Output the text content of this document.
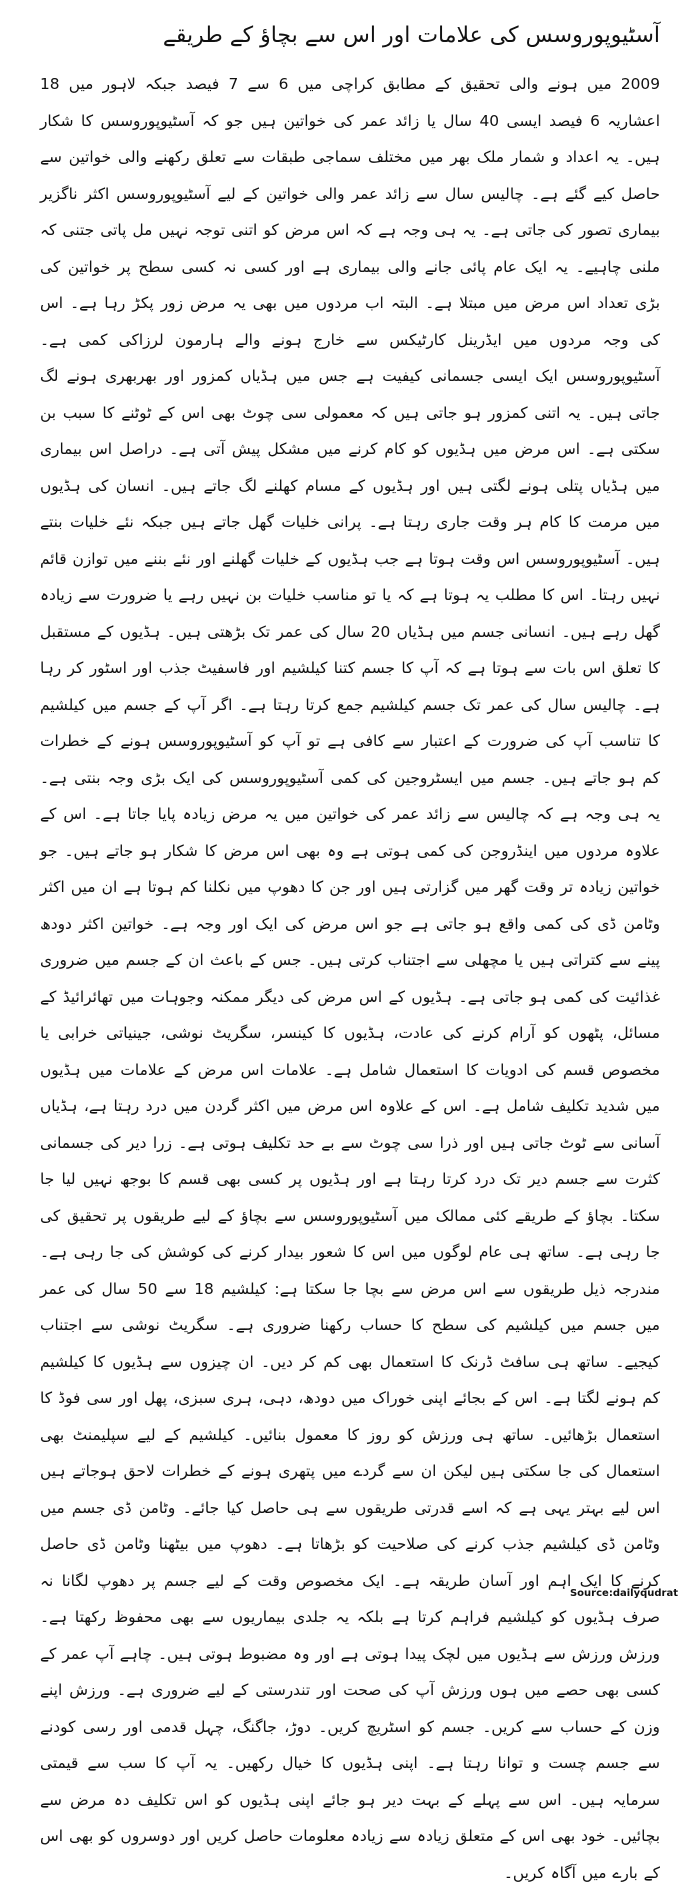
آسٹیوپوروسس کی علامات اور اس سے بچاؤ کے طریقے

2009 میں ہونے والی تحقیق کے مطابق کراچی میں 6 سے 7 فیصد جبکہ لاہور میں 18 اعشاریہ 6 فیصد ایسی 40 سال یا زائد عمر کی خواتین ہیں جو کہ آسٹیوپوروسس کا شکار ہیں۔ یہ اعداد و شمار ملک بھر میں مختلف سماجی طبقات سے تعلق رکھنے والی خواتین سے حاصل کیے گئے ہے۔ چالیس سال سے زائد عمر والی خواتین کے لیے آسٹیوپوروسس اکثر ناگزیر بیماری تصور کی جاتی ہے۔ یہ ہی وجہ ہے کہ اس مرض کو اتنی توجہ نہیں مل پاتی جتنی کہ ملنی چاہیے۔ یہ ایک عام پائی جانے والی بیماری ہے اور کسی نہ کسی سطح پر خواتین کی بڑی تعداد اس مرض میں مبتلا ہے۔ البتہ اب مردوں میں بھی یہ مرض زور پکڑ رہا ہے۔ اس کی وجہ مردوں میں ایڈرینل کارٹیکس سے خارج ہونے والے ہارمون لرزاکی کمی ہے۔ آسٹیوپوروسس ایک ایسی جسمانی کیفیت ہے جس میں ہڈیاں کمزور اور بھربھری ہونے لگ جاتی ہیں۔ یہ اتنی کمزور ہو جاتی ہیں کہ معمولی سی چوٹ بھی اس کے ٹوٹنے کا سبب بن سکتی ہے۔ اس مرض میں ہڈیوں کو کام کرنے میں مشکل پیش آتی ہے۔ دراصل اس بیماری میں ہڈیاں پتلی ہونے لگتی ہیں اور ہڈیوں کے مسام کھلنے لگ جاتے ہیں۔ انسان کی ہڈیوں میں مرمت کا کام ہر وقت جاری رہتا ہے۔ پرانی خلیات گھل جاتے ہیں جبکہ نئے خلیات بنتے ہیں۔ آسٹیوپوروسس اس وقت ہوتا ہے جب ہڈیوں کے خلیات گھلنے اور نئے بننے میں توازن قائم نہیں رہتا۔ اس کا مطلب یہ ہوتا ہے کہ یا تو مناسب خلیات بن نہیں رہے یا ضرورت سے زیادہ گھل رہے ہیں۔ انسانی جسم میں ہڈیاں 20 سال کی عمر تک بڑھتی ہیں۔ ہڈیوں کے مستقبل کا تعلق اس بات سے ہوتا ہے کہ آپ کا جسم کتنا کیلشیم اور فاسفیٹ جذب اور اسٹور کر رہا ہے۔ چالیس سال کی عمر تک جسم کیلشیم جمع کرتا رہتا ہے۔ اگر آپ کے جسم میں کیلشیم کا تناسب آپ کی ضرورت کے اعتبار سے کافی ہے تو آپ کو آسٹیوپوروسس ہونے کے خطرات کم ہو جاتے ہیں۔ جسم میں ایسٹروجین کی کمی آسٹیوپوروسس کی ایک بڑی وجہ بنتی ہے۔ یہ ہی وجہ ہے کہ چالیس سے زائد عمر کی خواتین میں یہ مرض زیادہ پایا جاتا ہے۔ اس کے علاوہ مردوں میں اینڈروجن کی کمی ہوتی ہے وہ بھی اس مرض کا شکار ہو جاتے ہیں۔ جو خواتین زیادہ تر وقت گھر میں گزارتی ہیں اور جن کا دھوپ میں نکلنا کم ہوتا ہے ان میں اکثر وٹامن ڈی کی کمی واقع ہو جاتی ہے جو اس مرض کی ایک اور وجہ ہے۔ خواتین اکثر دودھ پینے سے کتراتی ہیں یا مچھلی سے اجتناب کرتی ہیں۔ جس کے باعث ان کے جسم میں ضروری غذائیت کی کمی ہو جاتی ہے۔ ہڈیوں کے اس مرض کی دیگر ممکنہ وجوہات میں تھائرائیڈ کے مسائل، پٹھوں کو آرام کرنے کی عادت، ہڈیوں کا کینسر، سگریٹ نوشی، جینیاتی خرابی یا مخصوص قسم کی ادویات کا استعمال شامل ہے۔ علامات اس مرض کے علامات میں ہڈیوں میں شدید تکلیف شامل ہے۔ اس کے علاوہ اس مرض میں اکثر گردن میں درد رہتا ہے، ہڈیاں آسانی سے ٹوٹ جاتی ہیں اور ذرا سی چوٹ سے بے حد تکلیف ہوتی ہے۔ زرا دیر کی جسمانی کثرت سے جسم دیر تک درد کرتا رہتا ہے اور ہڈیوں پر کسی بھی قسم کا بوجھ نہیں لیا جا سکتا۔ بچاؤ کے طریقے کئی ممالک میں آسٹیوپوروسس سے بچاؤ کے لیے طریقوں پر تحقیق کی جا رہی ہے۔ ساتھ ہی عام لوگوں میں اس کا شعور بیدار کرنے کی کوشش کی جا رہی ہے۔ مندرجہ ذیل طریقوں سے اس مرض سے بچا جا سکتا ہے: کیلشیم 18 سے 50 سال کی عمر میں جسم میں کیلشیم کی سطح کا حساب رکھنا ضروری ہے۔ سگریٹ نوشی سے اجتناب کیجیے۔ ساتھ ہی سافٹ ڈرنک کا استعمال بھی کم کر دیں۔ ان چیزوں سے ہڈیوں کا کیلشیم کم ہونے لگتا ہے۔ اس کے بجائے اپنی خوراک میں دودھ، دہی، ہری سبزی، پھل اور سی فوڈ کا استعمال بڑھائیں۔ ساتھ ہی ورزش کو روز کا معمول بنائیں۔ کیلشیم کے لیے سپلیمنٹ بھی استعمال کی جا سکتی ہیں لیکن ان سے گردے میں پتھری ہونے کے خطرات لاحق ہوجاتے ہیں اس لیے بہتر یہی ہے کہ اسے قدرتی طریقوں سے ہی حاصل کیا جائے۔ وٹامن ڈی جسم میں وٹامن ڈی کیلشیم جذب کرنے کی صلاحیت کو بڑھاتا ہے۔ دھوپ میں بیٹھنا وٹامن ڈی حاصل کرنے کا ایک اہم اور آسان طریقہ ہے۔ ایک مخصوص وقت کے لیے جسم پر دھوپ لگانا نہ صرف ہڈیوں کو کیلشیم فراہم کرتا ہے بلکہ یہ جلدی بیماریوں سے بھی محفوظ رکھتا ہے۔ ورزش ورزش سے ہڈیوں میں لچک پیدا ہوتی ہے اور وہ مضبوط ہوتی ہیں۔ چاہے آپ عمر کے کسی بھی حصے میں ہوں ورزش آپ کی صحت اور تندرستی کے لیے ضروری ہے۔ ورزش اپنے وزن کے حساب سے کریں۔ جسم کو اسٹریچ کریں۔ دوڑ، جاگنگ، چہل قدمی اور رسی کودنے سے جسم چست و توانا رہتا ہے۔ اپنی ہڈیوں کا خیال رکھیں۔ یہ آپ کا سب سے قیمتی سرمایہ ہیں۔ اس سے پہلے کے بہت دیر ہو جائے اپنی ہڈیوں کو اس تکلیف دہ مرض سے بچائیں۔ خود بھی اس کے متعلق زیادہ سے زیادہ معلومات حاصل کریں اور دوسروں کو بھی اس کے بارے میں آگاہ کریں۔

Source:dailyqudrat
